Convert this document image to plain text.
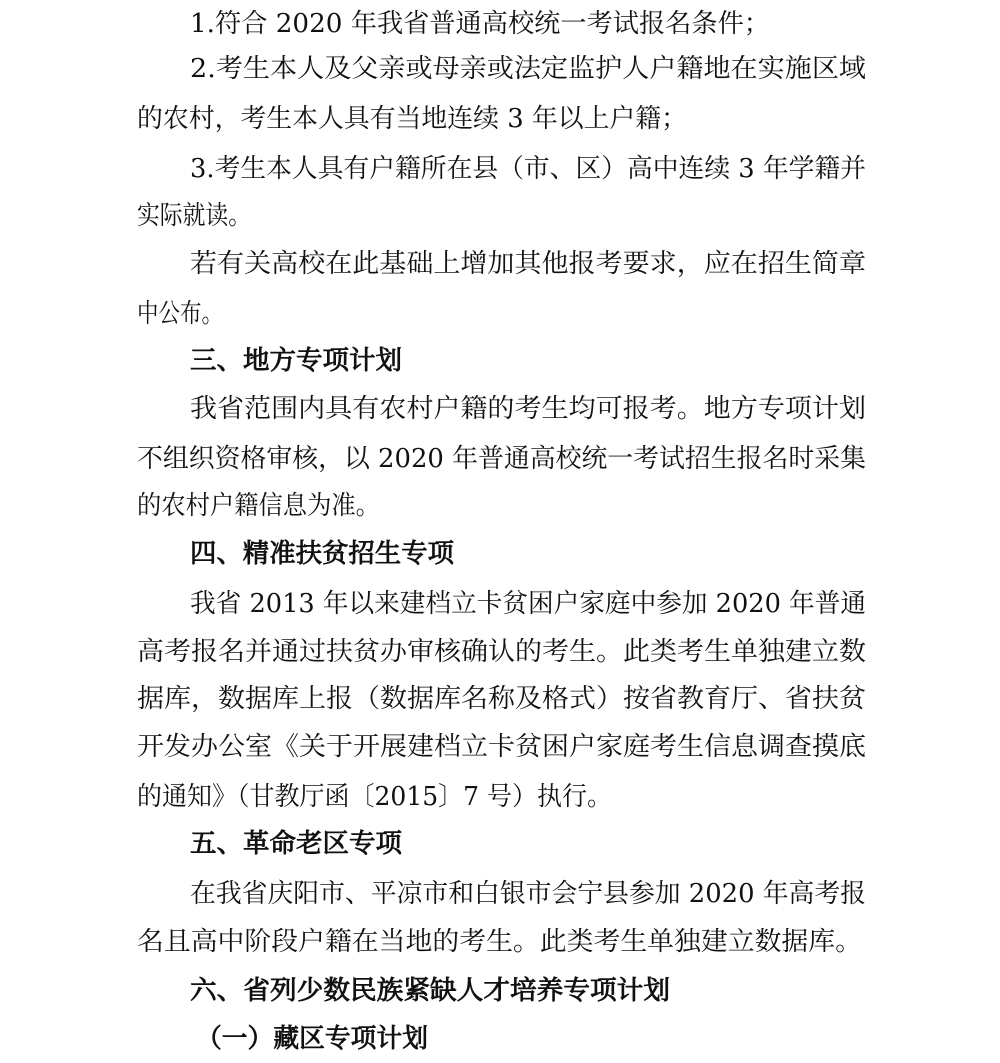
1.符合 2020 年我省普通高校统一考试报名条件；
2.考生本人及父亲或母亲或法定监护人户籍地在实施区域
的农村，考生本人具有当地连续 3 年以上户籍；
3.考生本人具有户籍所在县（市、区）高中连续 3 年学籍并
实际就读。
若有关高校在此基础上增加其他报考要求，应在招生简章
中公布。
三、地方专项计划
我省范围内具有农村户籍的考生均可报考。地方专项计划
不组织资格审核，以 2020 年普通高校统一考试招生报名时采集
的农村户籍信息为准。
四、精准扶贫招生专项
我省 2013 年以来建档立卡贫困户家庭中参加 2020 年普通
高考报名并通过扶贫办审核确认的考生。此类考生单独建立数
据库，数据库上报（数据库名称及格式）按省教育厅、省扶贫
开发办公室《关于开展建档立卡贫困户家庭考生信息调查摸底
的通知》（甘教厅函〔2015〕7 号）执行。
五、革命老区专项
在我省庆阳市、平凉市和白银市会宁县参加 2020 年高考报
名且高中阶段户籍在当地的考生。此类考生单独建立数据库。
六、省列少数民族紧缺人才培养专项计划
（一）藏区专项计划
